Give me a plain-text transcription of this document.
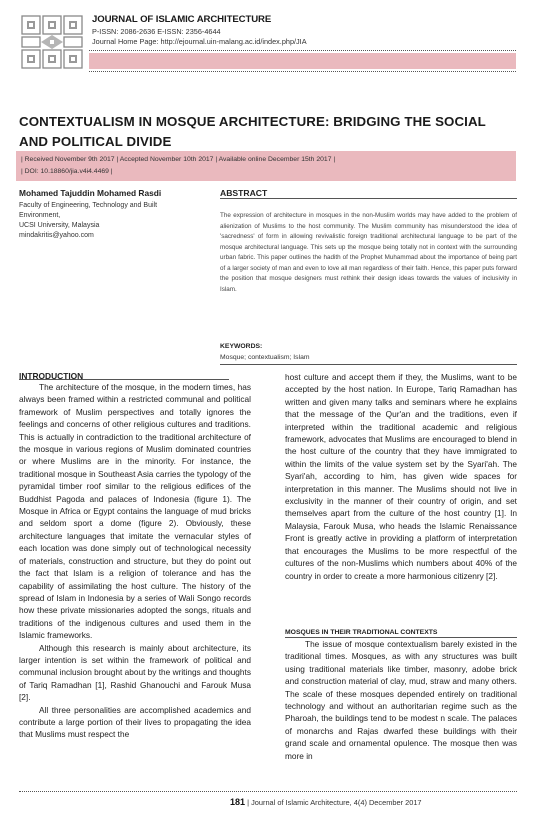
JOURNAL OF ISLAMIC ARCHITECTURE
P-ISSN: 2086-2636 E-ISSN: 2356-4644
Journal Home Page: http://ejournal.uin-malang.ac.id/index.php/JIA
CONTEXTUALISM IN MOSQUE ARCHITECTURE: BRIDGING THE SOCIAL
AND POLITICAL DIVIDE
| Received November 9th 2017 | Accepted November 10th 2017 | Available online December 15th 2017 |
| DOI: 10.18860/jia.v4i4.4469 |
Mohamed Tajuddin Mohamed Rasdi
Faculty of Engineering, Technology and Built
Environment,
UCSI University, Malaysia
mindakritis@yahoo.com
ABSTRACT
The expression of architecture in mosques in the non-Muslim worlds may have added to the problem of alienization of Muslims to the host community. The Muslim community has misunderstood the idea of 'sacredness' of form in allowing revivalistic foreign traditional architectural language to be part of the mosque architectural language. This sets up the mosque being totally not in context with the surrounding urban fabric. This paper outlines the hadith of the Prophet Muhammad about the importance of being part of a larger society of man and even to love all man regardless of their faith. Hence, this paper puts forward the position that mosque designers must rethink their design ideas towards the values of inclusivity in Islam.
KEYWORDS:
Mosque; contextualism; Islam
INTRODUCTION

The architecture of the mosque, in the modern times, has always been framed within a restricted communal and political framework of Muslim perspectives and totally ignores the feelings and concerns of other religious cultures and traditions. This is actually in contradiction to the traditional architecture of the mosque in various regions of Muslim dominated countries or where Muslims are in the minority. For instance, the traditional mosque in Southeast Asia carries the typology of the pyramidal timber roof similar to the religious edifices of the Buddhist Pagoda and palaces of Indonesia (figure 1). The Mosque in Africa or Egypt contains the language of mud bricks and seldom sport a dome (figure 2). Obviously, these architecture languages that imitate the vernacular styles of each location was done simply out of technological necessity of materials, construction and structure, but they do point out the fact that Islam is a religion of tolerance and has the capability of assimilating the host culture. The history of the spread of Islam in Indonesia by a series of Wali Songo records how these private missionaries adopted the songs, rituals and traditions of the indigenous cultures and used them in the Islamic frameworks.

Although this research is mainly about architecture, its larger intention is set within the framework of political and communal inclusion brought about by the writings and thoughts of Tariq Ramadhan [1], Rashid Ghanouchi and Farouk Musa [2].

All three personalities are accomplished academics and contribute a large portion of their lives to propagating the idea that Muslims must respect the

host culture and accept them if they, the Muslims, want to be accepted by the host nation. In Europe, Tariq Ramadhan has written and given many talks and seminars where he explains that the message of the Qur'an and the traditions, even if interpreted within the traditional academic and religious framework, advocates that Muslims are encouraged to blend in the host culture of the country that they have immigrated to within the limits of the value system set by the Syari'ah. The Syari'ah, according to him, has given wide spaces for interpretation in this manner. The Muslims should not live in exclusivity in the manner of their country of origin, and set themselves apart from the culture of the host country [1]. In Malaysia, Farouk Musa, who heads the Islamic Renaissance Front is greatly active in providing a platform of interpretation that encourages the Muslims to be more respectful of the cultures of the non-Muslims which numbers about 40% of the country in order to create a more harmonious citizenry [2].

MOSQUES IN THEIR TRADITIONAL CONTEXTS

The issue of mosque contextualism barely existed in the traditional times. Mosques, as with any structures was built using traditional materials like timber, masonry, adobe brick and construction material of clay, mud, straw and many others. The scale of these mosques depended entirely on traditional technology and without an authoritarian regime such as the Pharoah, the buildings tend to be modest n scale. The palaces of monarchs and Rajas dwarfed these buildings with their grand scale and ornamental opulence. The mosque then was more in

181 | Journal of Islamic Architecture, 4(4) December 2017
